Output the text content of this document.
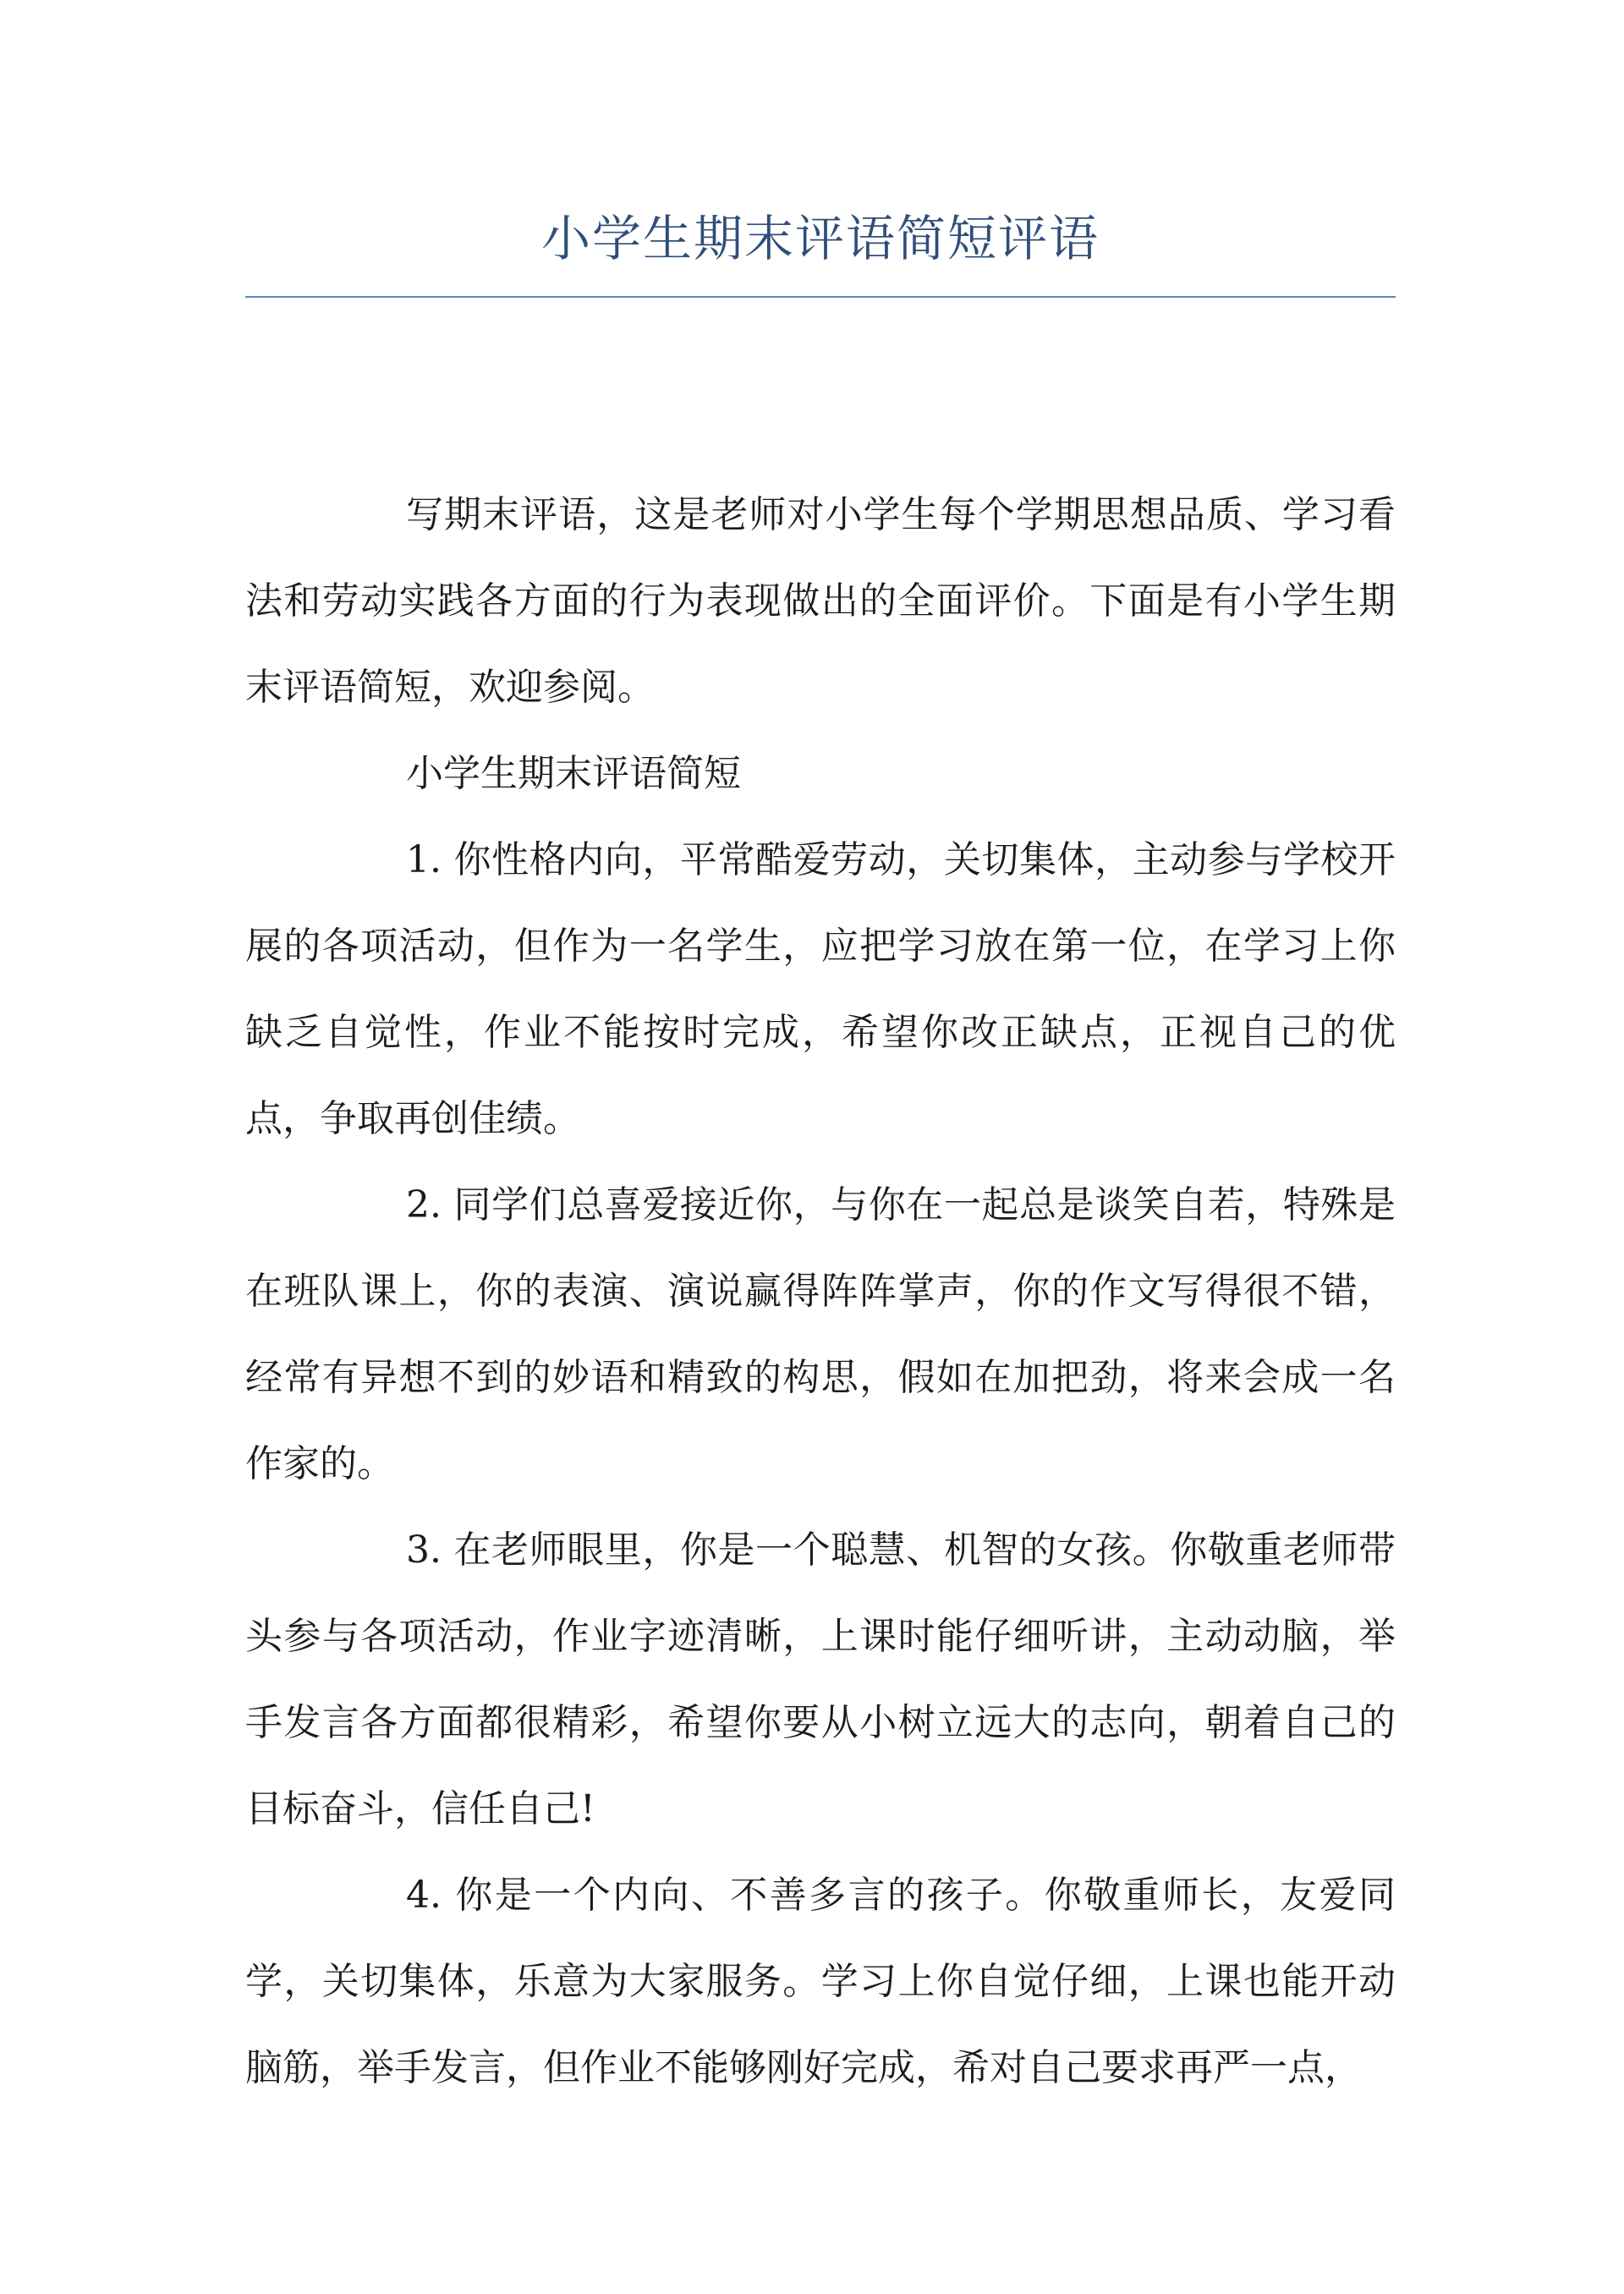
小学生期末评语简短评语

写期末评语，这是老师对小学生每个学期思想品质、学习看法和劳动实践各方面的行为表现做出的全面评价。下面是有小学生期末评语简短，欢迎参阅。

小学生期末评语简短

1. 你性格内向，平常酷爱劳动，关切集体，主动参与学校开展的各项活动，但作为一名学生，应把学习放在第一位，在学习上你缺乏自觉性，作业不能按时完成，希望你改正缺点，正视自己的优点，争取再创佳绩。

2. 同学们总喜爱接近你，与你在一起总是谈笑自若，特殊是在班队课上，你的表演、演说赢得阵阵掌声，你的作文写得很不错，经常有异想不到的妙语和精致的构思，假如在加把劲，将来会成一名作家的。

3. 在老师眼里，你是一个聪慧、机智的女孩。你敬重老师带头参与各项活动，作业字迹清晰，上课时能仔细听讲，主动动脑，举手发言各方面都很精彩，希望你要从小树立远大的志向，朝着自己的目标奋斗，信任自己!

4. 你是一个内向、不善多言的孩子。你敬重师长，友爱同学，关切集体，乐意为大家服务。学习上你自觉仔细，上课也能开动脑筋，举手发言，但作业不能够刚好完成，希对自己要求再严一点，
